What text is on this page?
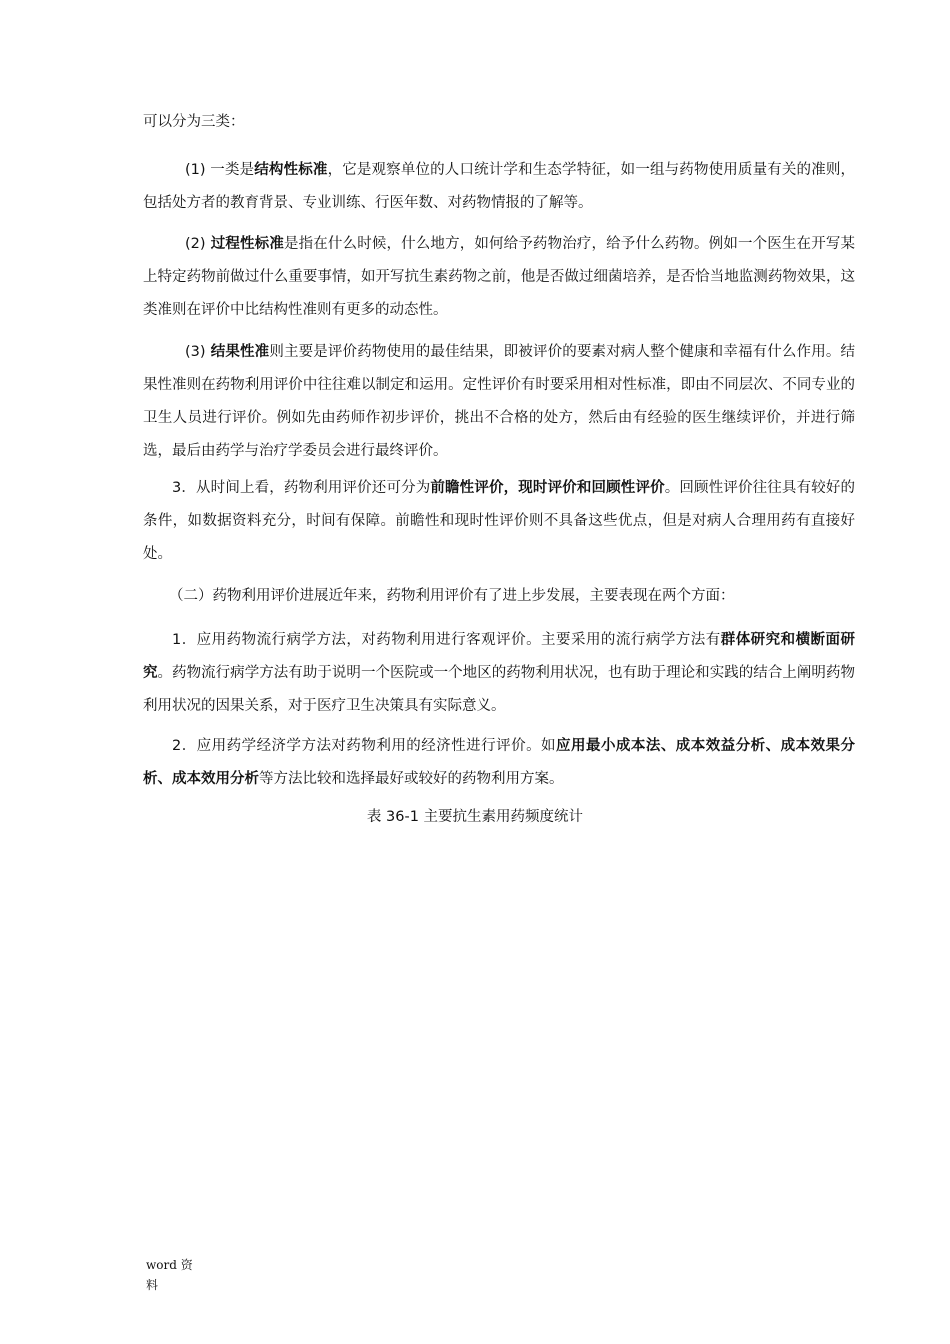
可以分为三类：

(1) 一类是结构性标准，它是观察单位的人口统计学和生态学特征，如一组与药物使用质量有关的准则，包括处方者的教育背景、专业训练、行医年数、对药物情报的了解等。

(2) 过程性标准是指在什么时候，什么地方，如何给予药物治疗，给予什么药物。例如一个医生在开写某上特定药物前做过什么重要事情，如开写抗生素药物之前，他是否做过细菌培养，是否恰当地监测药物效果，这类准则在评价中比结构性准则有更多的动态性。

(3) 结果性准则主要是评价药物使用的最佳结果，即被评价的要素对病人整个健康和幸福有什么作用。结果性准则在药物利用评价中往往难以制定和运用。定性评价有时要采用相对性标准，即由不同层次、不同专业的卫生人员进行评价。例如先由药师作初步评价，挑出不合格的处方，然后由有经验的医生继续评价，并进行筛选，最后由药学与治疗学委员会进行最终评价。

3．从时间上看，药物利用评价还可分为前瞻性评价，现时评价和回顾性评价。回顾性评价往往具有较好的条件，如数据资料充分，时间有保障。前瞻性和现时性评价则不具备这些优点，但是对病人合理用药有直接好处。

（二）药物利用评价进展近年来，药物利用评价有了进上步发展，主要表现在两个方面：

1．应用药物流行病学方法，对药物利用进行客观评价。主要采用的流行病学方法有群体研究和横断面研究。药物流行病学方法有助于说明一个医院或一个地区的药物利用状况，也有助于理论和实践的结合上阐明药物利用状况的因果关系，对于医疗卫生决策具有实际意义。

2．应用药学经济学方法对药物利用的经济性进行评价。如应用最小成本法、成本效益分析、成本效果分析、成本效用分析等方法比较和选择最好或较好的药物利用方案。

表 36-1 主要抗生素用药频度统计
word 资
料
